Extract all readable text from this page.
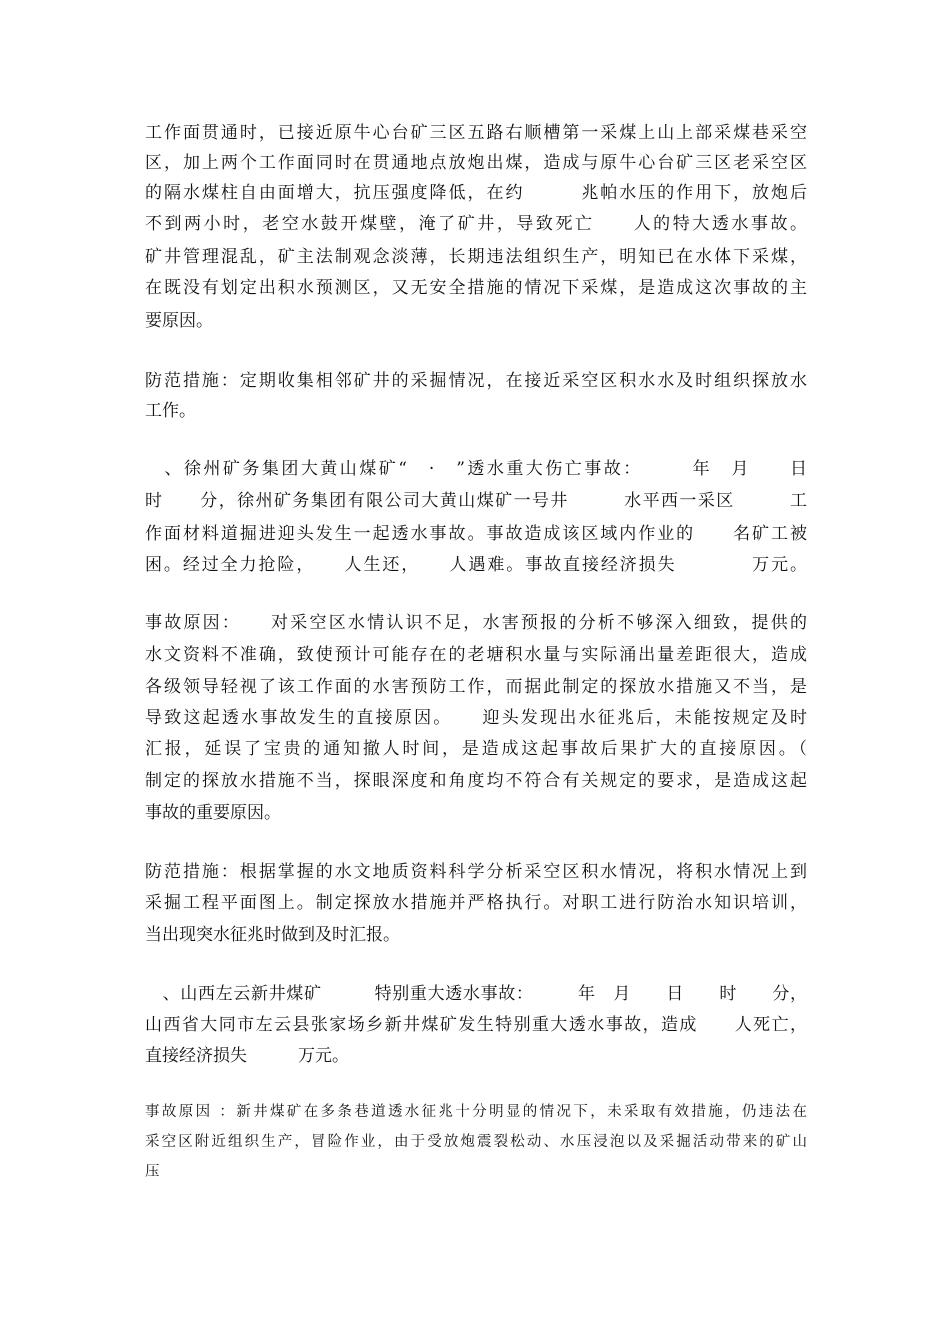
工作面贯通时，已接近原牛心台矿三区五路右顺槽第一采煤上山上部采煤巷采空
区，加上两个工作面同时在贯通地点放炮出煤，造成与原牛心台矿三区老采空区
的隔水煤柱自由面增大，抗压强度降低，在约　　　兆帕水压的作用下，放炮后
不到两小时，老空水鼓开煤壁，淹了矿井，导致死亡　　人的特大透水事故。
矿井管理混乱，矿主法制观念淡薄，长期违法组织生产，明知已在水体下采煤，
在既没有划定出积水预测区，又无安全措施的情况下采煤，是造成这次事故的主
要原因。
防范措施：定期收集相邻矿井的采掘情况，在接近采空区积水水及时组织探放水
工作。
　、徐州矿务集团大黄山煤矿“　·　”透水重大伤亡事故：　　　年　月　　日
时　　分，徐州矿务集团有限公司大黄山煤矿一号井　　　水平西一采区　　　工
作面材料道掘进迎头发生一起透水事故。事故造成该区域内作业的　　名矿工被
困。经过全力抢险，　　人生还，　　人遇难。事故直接经济损失　　　　万元。
事故原因：　　对采空区水情认识不足，水害预报的分析不够深入细致，提供的
水文资料不准确，致使预计可能存在的老塘积水量与实际涌出量差距很大，造成
各级领导轻视了该工作面的水害预防工作，而据此制定的探放水措施又不当，是
导致这起透水事故发生的直接原因。　　迎头发现出水征兆后，未能按规定及时
汇报，延误了宝贵的通知撤人时间，是造成这起事故后果扩大的直接原因。（
制定的探放水措施不当，探眼深度和角度均不符合有关规定的要求，是造成这起
事故的重要原因。
防范措施：根据掌握的水文地质资料科学分析采空区积水情况，将积水情况上到
采掘工程平面图上。制定探放水措施并严格执行。对职工进行防治水知识培训，
当出现突水征兆时做到及时汇报。
　、山西左云新井煤矿　　　特别重大透水事故：　　　年　月　　日　　时　　分，
山西省大同市左云县张家场乡新井煤矿发生特别重大透水事故，造成　　人死亡，
直接经济损失　　　万元。
事故原因 ：新井煤矿在多条巷道透水征兆十分明显的情况下，未采取有效措施，仍违法在
采空区附近组织生产，冒险作业，由于受放炮震裂松动、水压浸泡以及采掘活动带来的矿山
压
